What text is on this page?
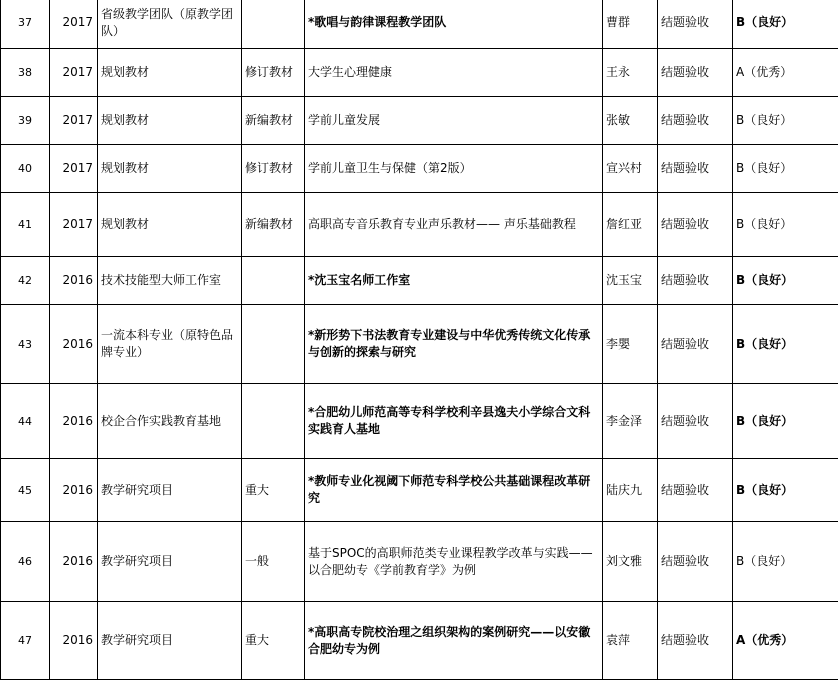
37	2017	省级教学团队（原教学团队）		*歌唱与韵律课程教学团队	曹群	结题验收	B（良好）
38	2017	规划教材	修订教材	大学生心理健康	王永	结题验收	A（优秀）
39	2017	规划教材	新编教材	学前儿童发展	张敏	结题验收	B（良好）
40	2017	规划教材	修订教材	学前儿童卫生与保健（第2版）	宣兴村	结题验收	B（良好）
41	2017	规划教材	新编教材	高职高专音乐教育专业声乐教材—— 声乐基础教程	詹红亚	结题验收	B（良好）
42	2016	技术技能型大师工作室		*沈玉宝名师工作室	沈玉宝	结题验收	B（良好）
43	2016	一流本科专业（原特色品牌专业）		*新形势下书法教育专业建设与中华优秀传统文化传承与创新的探索与研究	李嬰	结题验收	B（良好）
44	2016	校企合作实践教育基地		*合肥幼儿师范高等专科学校利辛县逸夫小学综合文科实践育人基地	李金泽	结题验收	B（良好）
45	2016	教学研究项目	重大	*教师专业化视阈下师范专科学校公共基础课程改革研究	陆庆九	结题验收	B（良好）
46	2016	教学研究项目	一般	基于SPOC的高职师范类专业课程教学改革与实践——以合肥幼专《学前教育学》为例	刘文雅	结题验收	B（良好）
47	2016	教学研究项目	重大	*高职高专院校治理之组织架构的案例研究——以安徽合肥幼专为例	袁萍	结题验收	A（优秀）
